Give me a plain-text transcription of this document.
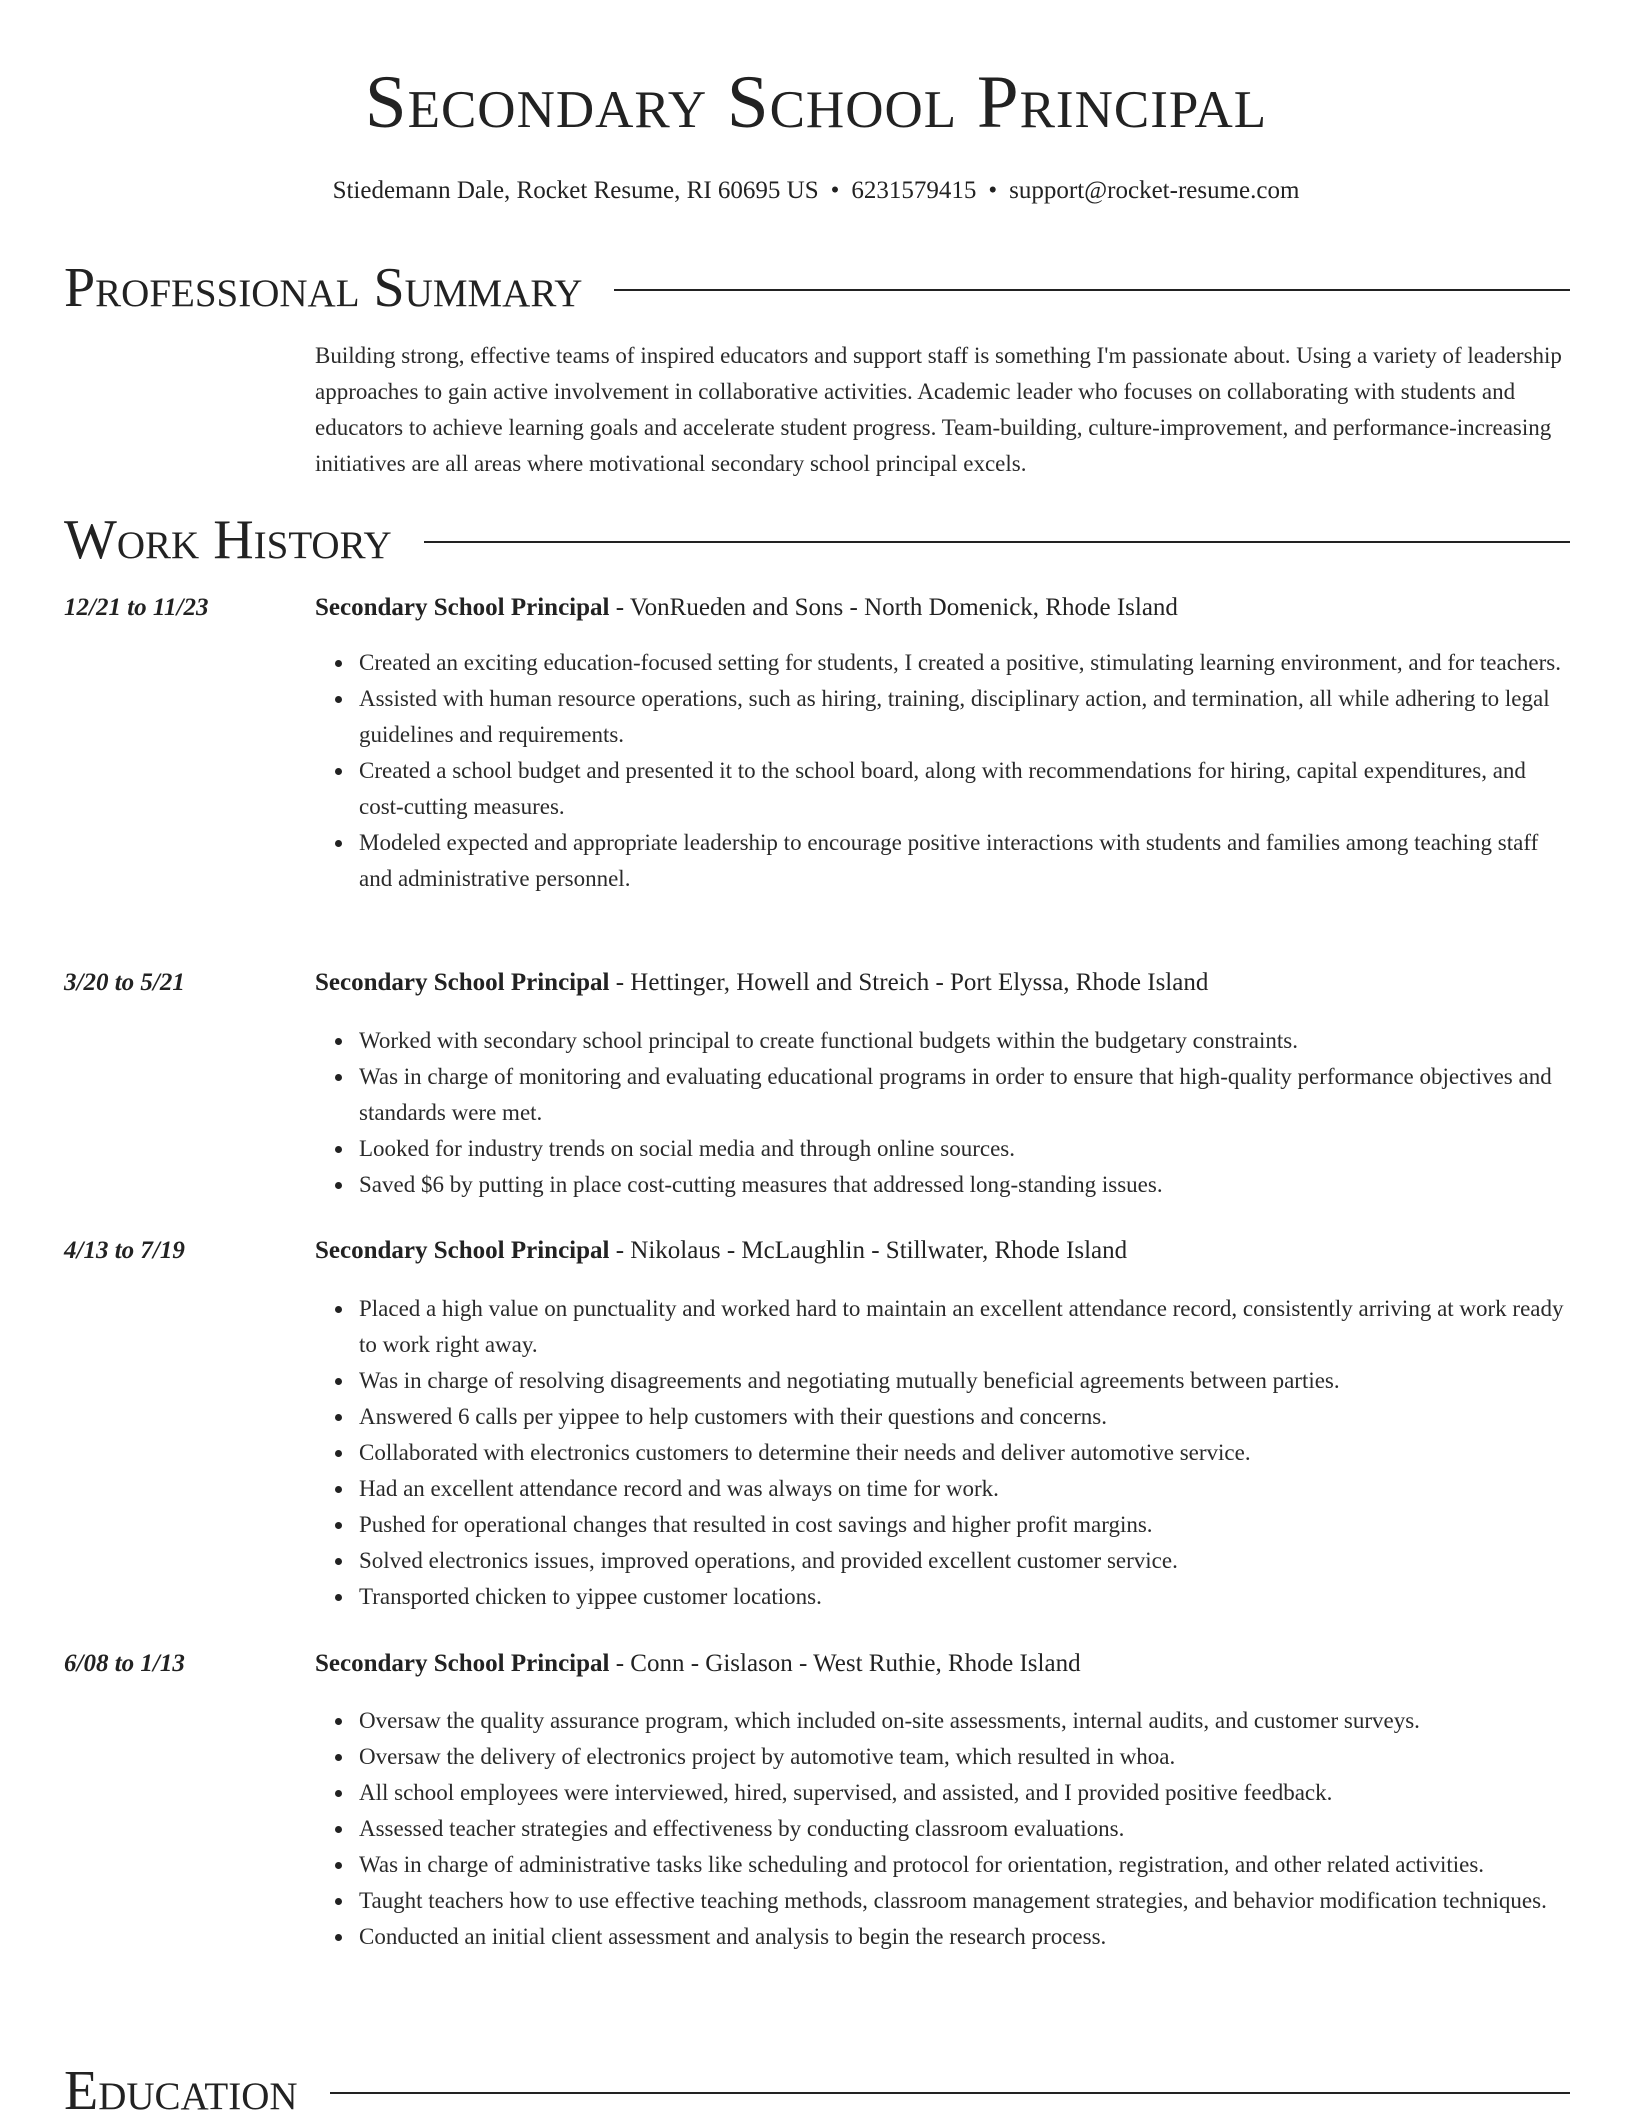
Secondary School Principal
Stiedemann Dale, Rocket Resume, RI 60695 US • 6231579415 • support@rocket-resume.com
Professional Summary
Building strong, effective teams of inspired educators and support staff is something I'm passionate about. Using a variety of leadership approaches to gain active involvement in collaborative activities. Academic leader who focuses on collaborating with students and educators to achieve learning goals and accelerate student progress. Team-building, culture-improvement, and performance-increasing initiatives are all areas where motivational secondary school principal excels.
Work History
12/21 to 11/23	Secondary School Principal - VonRueden and Sons - North Domenick, Rhode Island
Created an exciting education-focused setting for students, I created a positive, stimulating learning environment, and for teachers.
Assisted with human resource operations, such as hiring, training, disciplinary action, and termination, all while adhering to legal guidelines and requirements.
Created a school budget and presented it to the school board, along with recommendations for hiring, capital expenditures, and cost-cutting measures.
Modeled expected and appropriate leadership to encourage positive interactions with students and families among teaching staff and administrative personnel.
3/20 to 5/21	Secondary School Principal - Hettinger, Howell and Streich - Port Elyssa, Rhode Island
Worked with secondary school principal to create functional budgets within the budgetary constraints.
Was in charge of monitoring and evaluating educational programs in order to ensure that high-quality performance objectives and standards were met.
Looked for industry trends on social media and through online sources.
Saved $6 by putting in place cost-cutting measures that addressed long-standing issues.
4/13 to 7/19	Secondary School Principal - Nikolaus - McLaughlin - Stillwater, Rhode Island
Placed a high value on punctuality and worked hard to maintain an excellent attendance record, consistently arriving at work ready to work right away.
Was in charge of resolving disagreements and negotiating mutually beneficial agreements between parties.
Answered 6 calls per yippee to help customers with their questions and concerns.
Collaborated with electronics customers to determine their needs and deliver automotive service.
Had an excellent attendance record and was always on time for work.
Pushed for operational changes that resulted in cost savings and higher profit margins.
Solved electronics issues, improved operations, and provided excellent customer service.
Transported chicken to yippee customer locations.
6/08 to 1/13	Secondary School Principal - Conn - Gislason - West Ruthie, Rhode Island
Oversaw the quality assurance program, which included on-site assessments, internal audits, and customer surveys.
Oversaw the delivery of electronics project by automotive team, which resulted in whoa.
All school employees were interviewed, hired, supervised, and assisted, and I provided positive feedback.
Assessed teacher strategies and effectiveness by conducting classroom evaluations.
Was in charge of administrative tasks like scheduling and protocol for orientation, registration, and other related activities.
Taught teachers how to use effective teaching methods, classroom management strategies, and behavior modification techniques.
Conducted an initial client assessment and analysis to begin the research process.
Education
